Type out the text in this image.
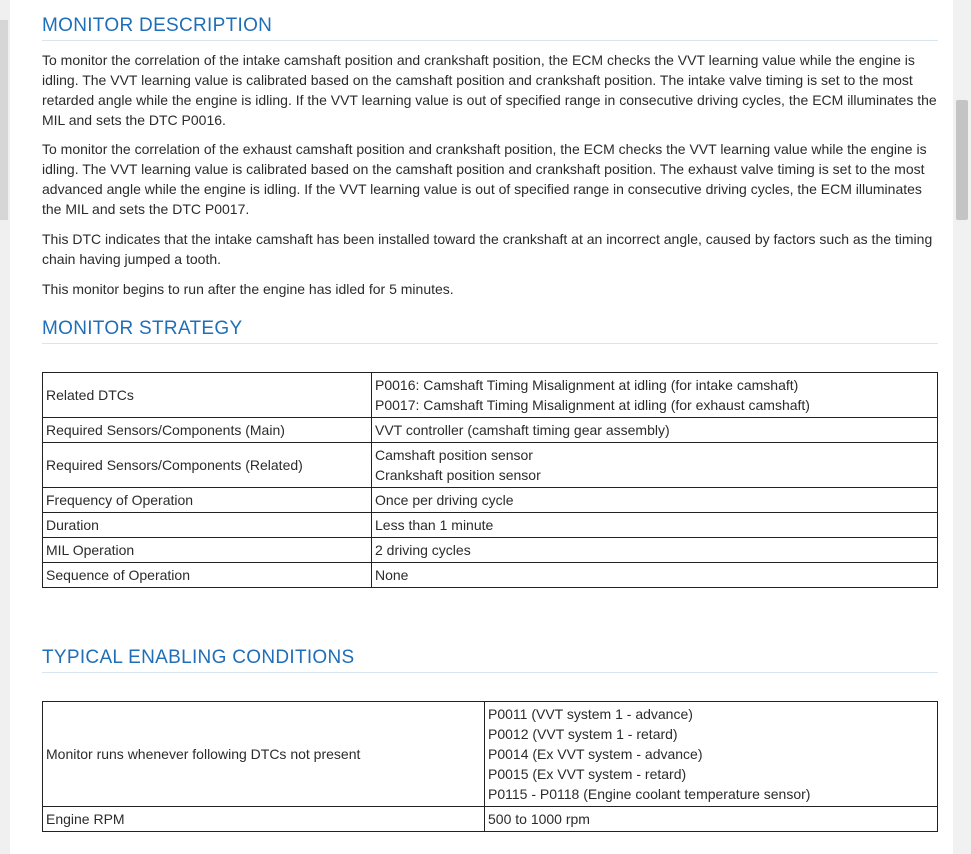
MONITOR DESCRIPTION

To monitor the correlation of the intake camshaft position and crankshaft position, the ECM checks the VVT learning value while the engine is idling. The VVT learning value is calibrated based on the camshaft position and crankshaft position. The intake valve timing is set to the most retarded angle while the engine is idling. If the VVT learning value is out of specified range in consecutive driving cycles, the ECM illuminates the MIL and sets the DTC P0016.

To monitor the correlation of the exhaust camshaft position and crankshaft position, the ECM checks the VVT learning value while the engine is idling. The VVT learning value is calibrated based on the camshaft position and crankshaft position. The exhaust valve timing is set to the most advanced angle while the engine is idling. If the VVT learning value is out of specified range in consecutive driving cycles, the ECM illuminates the MIL and sets the DTC P0017.

This DTC indicates that the intake camshaft has been installed toward the crankshaft at an incorrect angle, caused by factors such as the timing chain having jumped a tooth.

This monitor begins to run after the engine has idled for 5 minutes.

MONITOR STRATEGY
Related DTCs	P0016: Camshaft Timing Misalignment at idling (for intake camshaft)
P0017: Camshaft Timing Misalignment at idling (for exhaust camshaft)

Required Sensors/Components (Main)	VVT controller (camshaft timing gear assembly)
Required Sensors/Components (Related)	Camshaft position sensor
Crankshaft position sensor

Frequency of Operation	Once per driving cycle
Duration	Less than 1 minute
MIL Operation	2 driving cycles
Sequence of Operation	None
TYPICAL ENABLING CONDITIONS
Monitor runs whenever following DTCs not present	P0011 (VVT system 1 - advance)
P0012 (VVT system 1 - retard)
P0014 (Ex VVT system - advance)
P0015 (Ex VVT system - retard)
P0115 - P0118 (Engine coolant temperature sensor)

Engine RPM	500 to 1000 rpm
